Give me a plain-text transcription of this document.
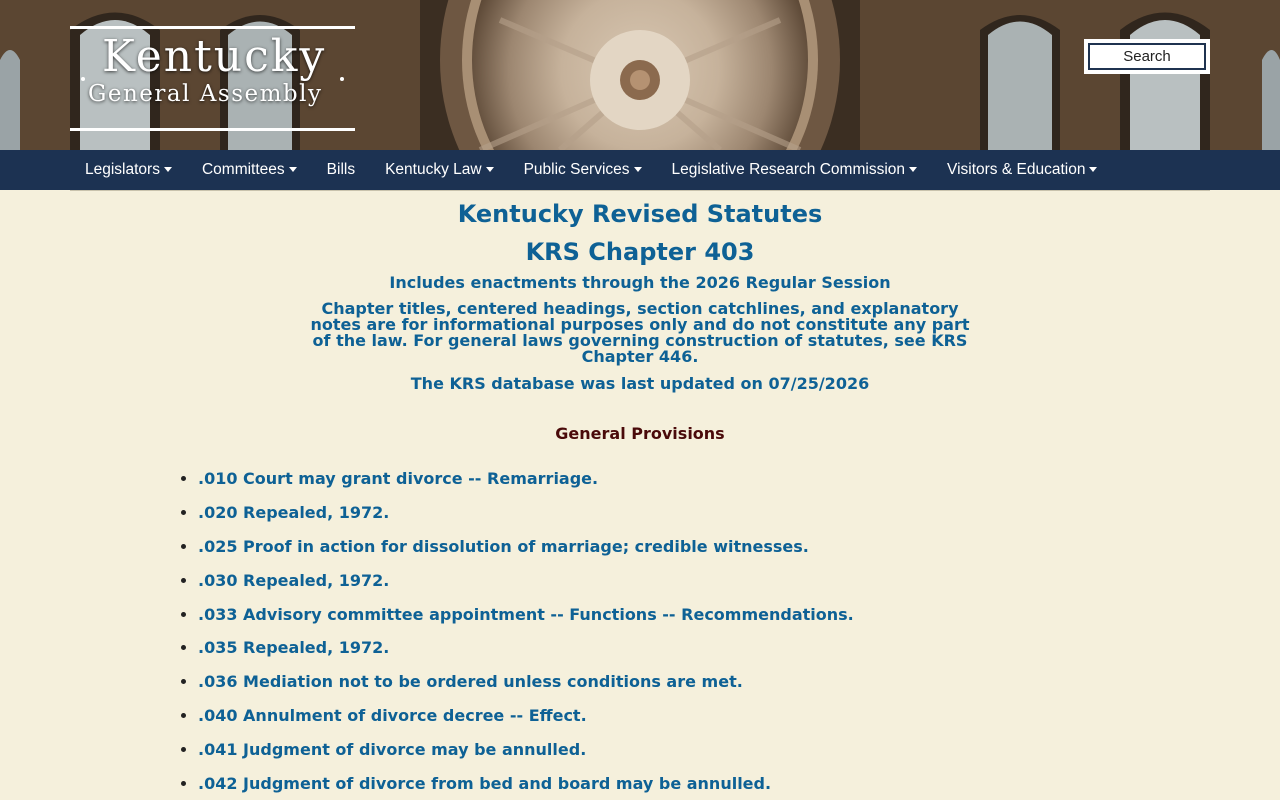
Kentucky
General Assembly
Search
Legislators	Committees	Bills Kentucky Law	Public Services	Legislative Research Commission	Visitors & Education
Kentucky Revised Statutes
KRS Chapter 403
Includes enactments through the 2026 Regular Session
Chapter titles, centered headings, section catchlines, and explanatory notes are for informational purposes only and do not constitute any part of the law. For general laws governing construction of statutes, see KRS Chapter 446.
The KRS database was last updated on 07/25/2026
General Provisions
• .010 Court may grant divorce -- Remarriage.
• .020 Repealed, 1972.
• .025 Proof in action for dissolution of marriage; credible witnesses.
• .030 Repealed, 1972.
• .033 Advisory committee appointment -- Functions -- Recommendations.
• .035 Repealed, 1972.
• .036 Mediation not to be ordered unless conditions are met.
• .040 Annulment of divorce decree -- Effect.
• .041 Judgment of divorce may be annulled.
• .042 Judgment of divorce from bed and board may be annulled.
